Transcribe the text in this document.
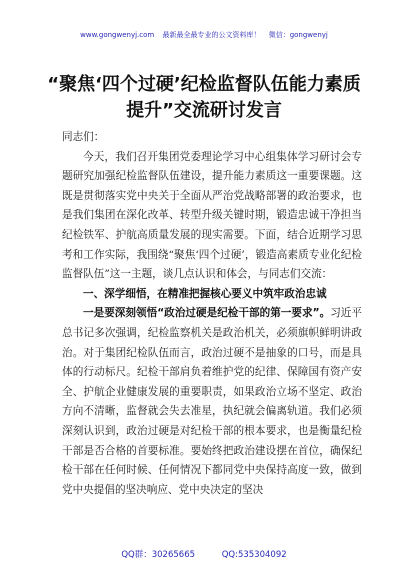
www.gongwenyj.com 最新最全最专业的公文资料库！ 微信：gongwenyj
“聚焦‘四个过硬’纪检监督队伍能力素质提升”交流研讨发言

同志们：

今天，我们召开集团党委理论学习中心组集体学习研讨会专题研究加强纪检监督队伍建设，提升能力素质这一重要课题。这既是贯彻落实党中央关于全面从严治党战略部署的政治要求，也是我们集团在深化改革、转型升级关键时期，锻造忠诚干净担当纪检铁军、护航高质量发展的现实需要。下面，结合近期学习思考和工作实际，我围绕“聚焦‘四个过硬’，锻造高素质专业化纪检监督队伍”这一主题，谈几点认识和体会，与同志们交流：

一、深学细悟，在精准把握核心要义中筑牢政治忠诚

一是要深刻领悟“政治过硬是纪检干部的第一要求”。习近平总书记多次强调，纪检监察机关是政治机关，必须旗帜鲜明讲政治。对于集团纪检队伍而言，政治过硬不是抽象的口号，而是具体的行动标尺。纪检干部肩负着维护党的纪律、保障国有资产安全、护航企业健康发展的重要职责，如果政治立场不坚定、政治方向不清晰，监督就会失去准星，执纪就会偏离轨道。我们必须深刻认识到，政治过硬是对纪检干部的根本要求，也是衡量纪检干部是否合格的首要标准。要始终把政治建设摆在首位，确保纪检干部在任何时候、任何情况下都同党中央保持高度一致，做到党中央提倡的坚决响应、党中央决定的坚决

QQ群：30265665	QQ:535304092
